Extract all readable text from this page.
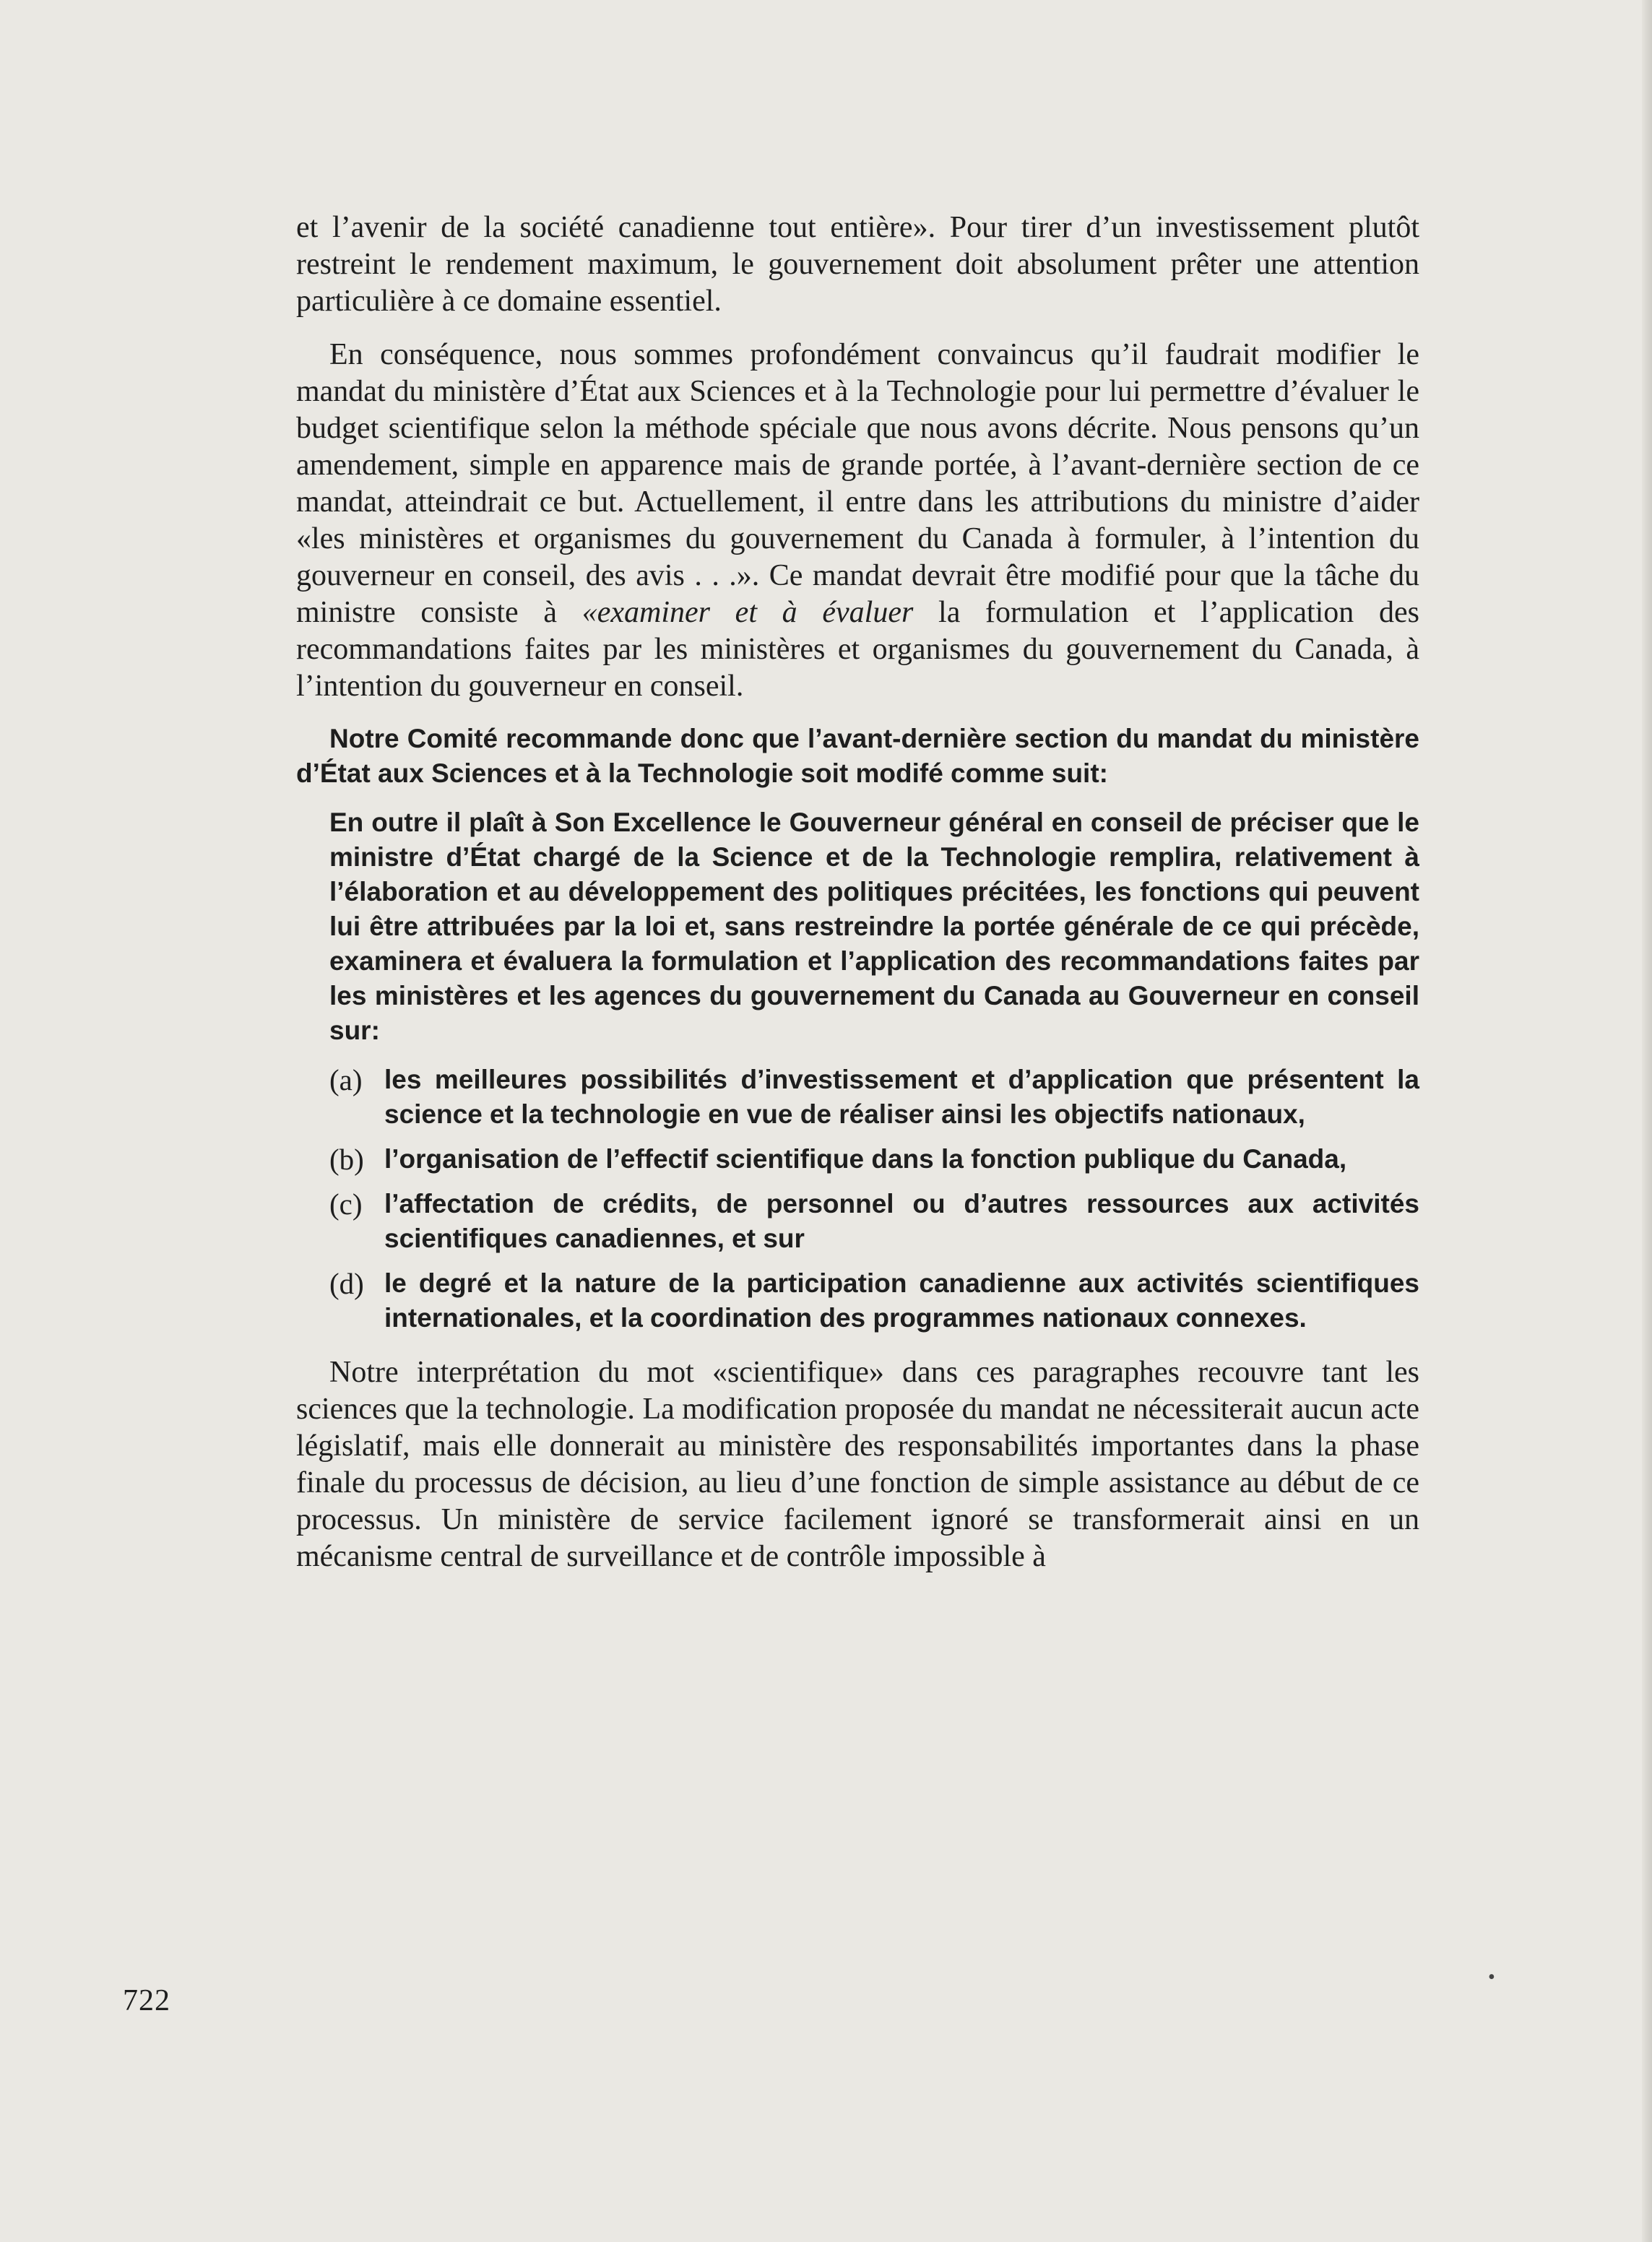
et l’avenir de la société canadienne tout entière». Pour tirer d’un investissement plutôt restreint le rendement maximum, le gouvernement doit absolument prêter une attention particulière à ce domaine essentiel.

En conséquence, nous sommes profondément convaincus qu’il faudrait modifier le mandat du ministère d’État aux Sciences et à la Technologie pour lui permettre d’évaluer le budget scientifique selon la méthode spéciale que nous avons décrite. Nous pensons qu’un amendement, simple en apparence mais de grande portée, à l’avant-dernière section de ce mandat, atteindrait ce but. Actuellement, il entre dans les attributions du ministre d’aider «les ministères et organismes du gouvernement du Canada à formuler, à l’intention du gouverneur en conseil, des avis . . .». Ce mandat devrait être modifié pour que la tâche du ministre consiste à «examiner et à évaluer la formulation et l’application des recommandations faites par les ministères et organismes du gouvernement du Canada, à l’intention du gouverneur en conseil.

Notre Comité recommande donc que l’avant-dernière section du mandat du ministère d’État aux Sciences et à la Technologie soit modifé comme suit:

En outre il plaît à Son Excellence le Gouverneur général en conseil de préciser que le ministre d’État chargé de la Science et de la Technologie remplira, relativement à l’élaboration et au développement des politiques précitées, les fonctions qui peuvent lui être attribuées par la loi et, sans restreindre la portée générale de ce qui précède, examinera et évaluera la formulation et l’application des recommandations faites par les ministères et les agences du gouvernement du Canada au Gouverneur en conseil sur:

(a) les meilleures possibilités d’investissement et d’application que présentent la science et la technologie en vue de réaliser ainsi les objectifs nationaux,
(b) l’organisation de l’effectif scientifique dans la fonction publique du Canada,
(c) l’affectation de crédits, de personnel ou d’autres ressources aux activités scientifiques canadiennes, et sur
(d) le degré et la nature de la participation canadienne aux activités scientifiques internationales, et la coordination des programmes nationaux connexes.

Notre interprétation du mot «scientifique» dans ces paragraphes recouvre tant les sciences que la technologie. La modification proposée du mandat ne nécessiterait aucun acte législatif, mais elle donnerait au ministère des responsabilités importantes dans la phase finale du processus de décision, au lieu d’une fonction de simple assistance au début de ce processus. Un ministère de service facilement ignoré se transformerait ainsi en un mécanisme central de surveillance et de contrôle impossible à

722
•
